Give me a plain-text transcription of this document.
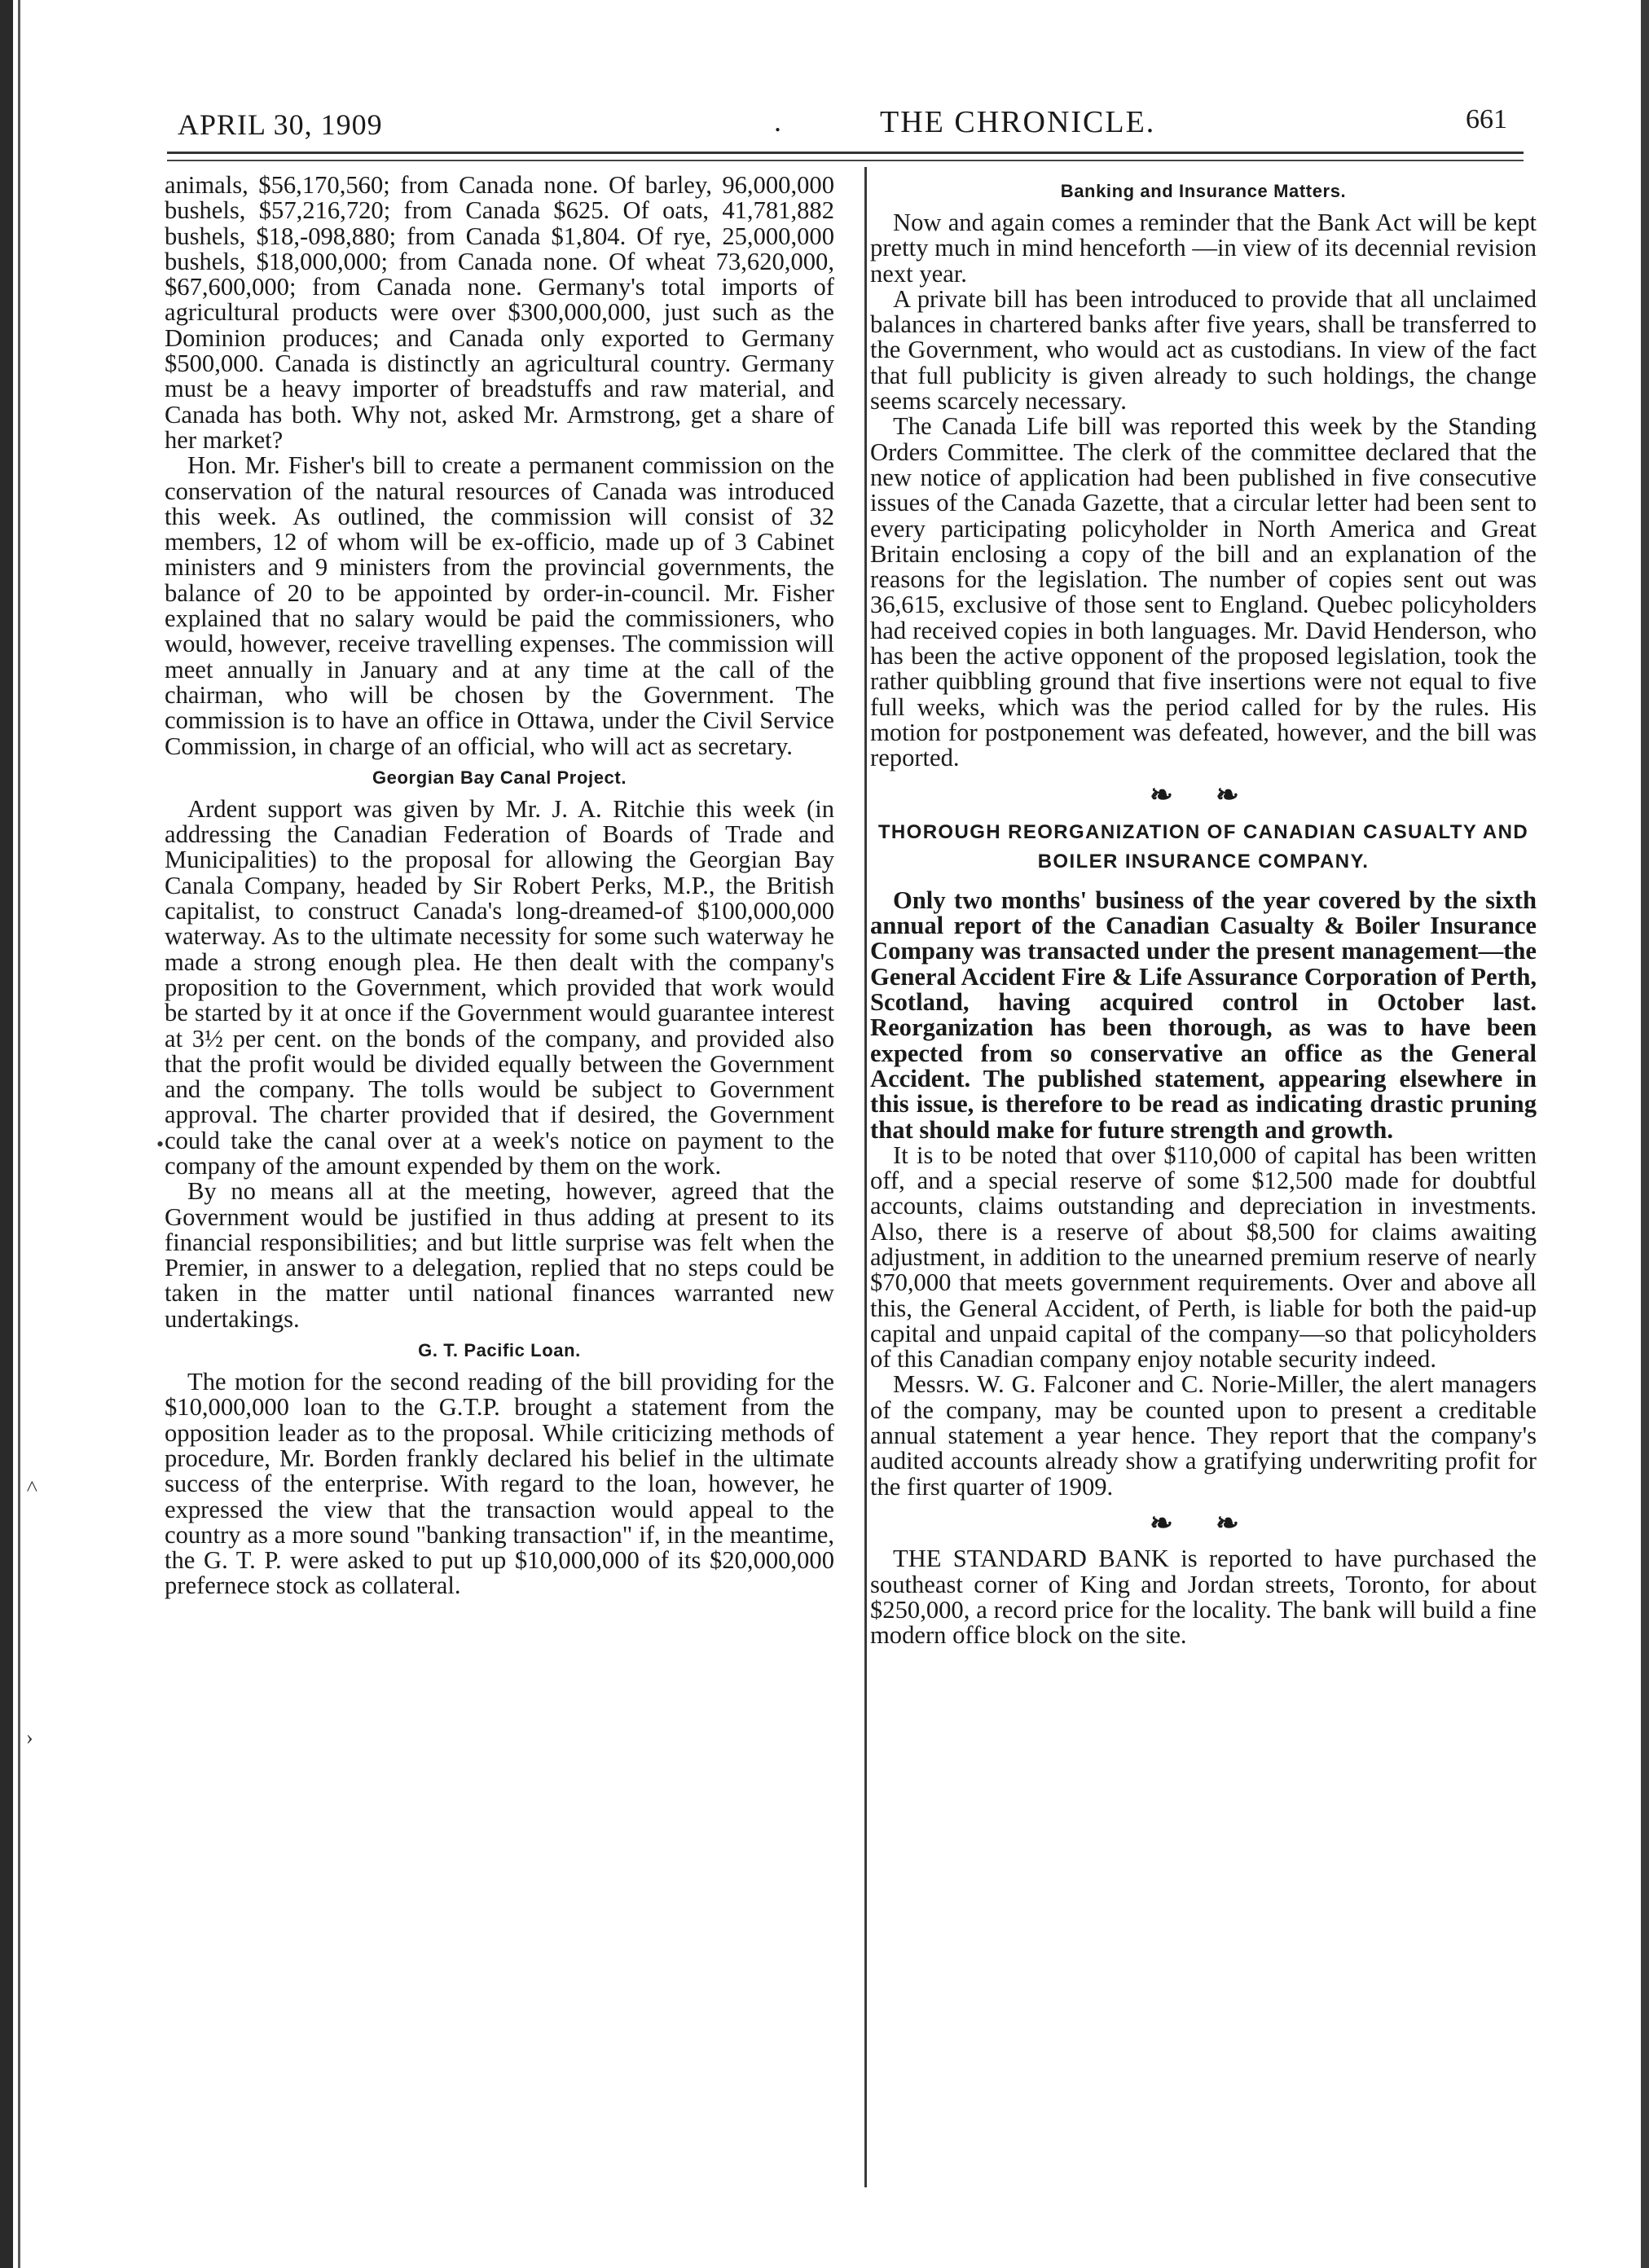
APRIL 30, 1909	.	THE CHRONICLE.	661
•
˄
›

animals, $56,170,560; from Canada none. Of barley, 96,000,000 bushels, $57,216,720; from Canada $625. Of oats, 41,781,882 bushels, $18,-098,880; from Canada $1,804. Of rye, 25,000,000 bushels, $18,000,000; from Canada none. Of wheat 73,620,000, $67,600,000; from Canada none. Germany's total imports of agricultural products were over $300,000,000, just such as the Dominion produces; and Canada only exported to Germany $500,000. Canada is distinctly an agricultural country. Germany must be a heavy importer of breadstuffs and raw material, and Canada has both. Why not, asked Mr. Armstrong, get a share of her market?

Hon. Mr. Fisher's bill to create a permanent commission on the conservation of the natural resources of Canada was introduced this week. As outlined, the commission will consist of 32 members, 12 of whom will be ex-officio, made up of 3 Cabinet ministers and 9 ministers from the provincial governments, the balance of 20 to be appointed by order-in-council. Mr. Fisher explained that no salary would be paid the commissioners, who would, however, receive travelling expenses. The commission will meet annually in January and at any time at the call of the chairman, who will be chosen by the Government. The commission is to have an office in Ottawa, under the Civil Service Commission, in charge of an official, who will act as secretary.

Georgian Bay Canal Project.

Ardent support was given by Mr. J. A. Ritchie this week (in addressing the Canadian Federation of Boards of Trade and Municipalities) to the proposal for allowing the Georgian Bay Canala Company, headed by Sir Robert Perks, M.P., the British capitalist, to construct Canada's long-dreamed-of $100,000,000 waterway. As to the ultimate necessity for some such waterway he made a strong enough plea. He then dealt with the company's proposition to the Government, which provided that work would be started by it at once if the Government would guarantee interest at 3½ per cent. on the bonds of the company, and provided also that the profit would be divided equally between the Government and the company. The tolls would be subject to Government approval. The charter provided that if desired, the Government could take the canal over at a week's notice on payment to the company of the amount expended by them on the work.

By no means all at the meeting, however, agreed that the Government would be justified in thus adding at present to its financial responsibilities; and but little surprise was felt when the Premier, in answer to a delegation, replied that no steps could be taken in the matter until national finances warranted new undertakings.

G. T. Pacific Loan.

The motion for the second reading of the bill providing for the $10,000,000 loan to the G.T.P. brought a statement from the opposition leader as to the proposal. While criticizing methods of procedure, Mr. Borden frankly declared his belief in the ultimate success of the enterprise. With regard to the loan, however, he expressed the view that the transaction would appeal to the country as a more sound "banking transaction" if, in the meantime, the G. T. P. were asked to put up $10,000,000 of its $20,000,000 prefernece stock as collateral.

Banking and Insurance Matters.

Now and again comes a reminder that the Bank Act will be kept pretty much in mind henceforth —in view of its decennial revision next year.

A private bill has been introduced to provide that all unclaimed balances in chartered banks after five years, shall be transferred to the Government, who would act as custodians. In view of the fact that full publicity is given already to such holdings, the change seems scarcely necessary.

The Canada Life bill was reported this week by the Standing Orders Committee. The clerk of the committee declared that the new notice of application had been published in five consecutive issues of the Canada Gazette, that a circular letter had been sent to every participating policyholder in North America and Great Britain enclosing a copy of the bill and an explanation of the reasons for the legislation. The number of copies sent out was 36,615, exclusive of those sent to England. Quebec policyholders had received copies in both languages. Mr. David Henderson, who has been the active opponent of the proposed legislation, took the rather quibbling ground that five insertions were not equal to five full weeks, which was the period called for by the rules. His motion for postponement was defeated, however, and the bill was reported.

❧ ❧
THOROUGH REORGANIZATION OF CANADIAN CASUALTY AND BOILER INSURANCE COMPANY.

Only two months' business of the year covered by the sixth annual report of the Canadian Casualty & Boiler Insurance Company was transacted under the present management—the General Accident Fire & Life Assurance Corporation of Perth, Scotland, having acquired control in October last. Reorganization has been thorough, as was to have been expected from so conservative an office as the General Accident. The published statement, appearing elsewhere in this issue, is therefore to be read as indicating drastic pruning that should make for future strength and growth.

It is to be noted that over $110,000 of capital has been written off, and a special reserve of some $12,500 made for doubtful accounts, claims outstanding and depreciation in investments. Also, there is a reserve of about $8,500 for claims awaiting adjustment, in addition to the unearned premium reserve of nearly $70,000 that meets government requirements. Over and above all this, the General Accident, of Perth, is liable for both the paid-up capital and unpaid capital of the company—so that policyholders of this Canadian company enjoy notable security indeed.

Messrs. W. G. Falconer and C. Norie-Miller, the alert managers of the company, may be counted upon to present a creditable annual statement a year hence. They report that the company's audited accounts already show a gratifying underwriting profit for the first quarter of 1909.

❧ ❧

THE STANDARD BANK is reported to have purchased the southeast corner of King and Jordan streets, Toronto, for about $250,000, a record price for the locality. The bank will build a fine modern office block on the site.
